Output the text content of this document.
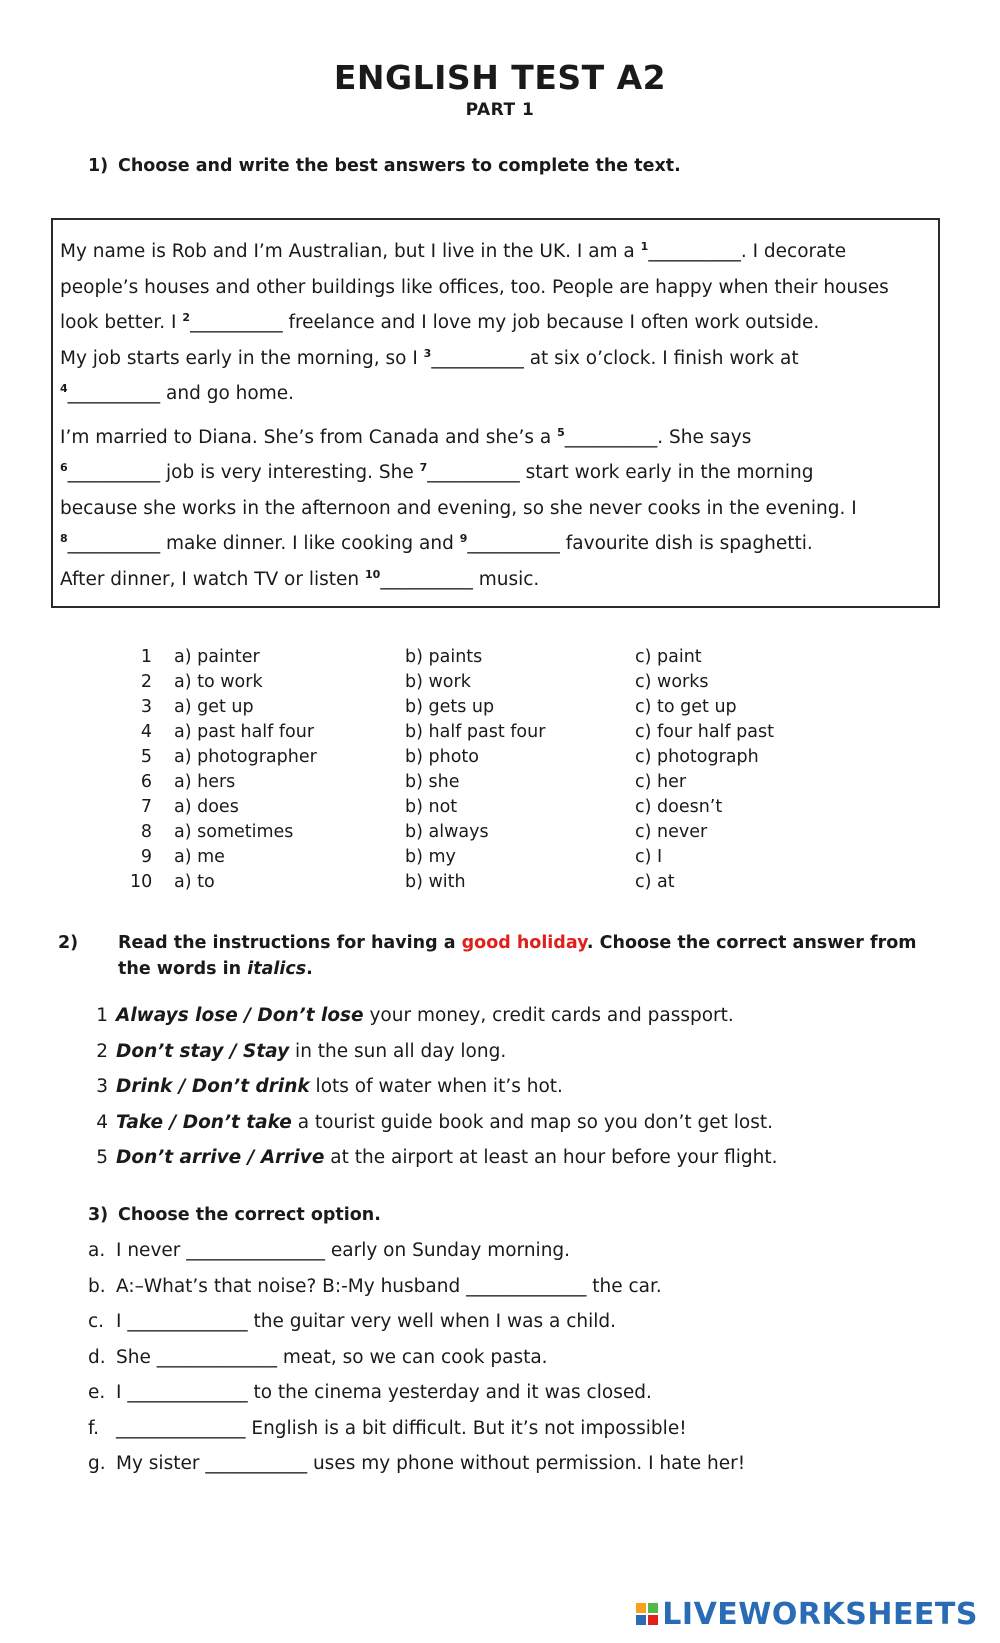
ENGLISH TEST A2
PART 1
1) Choose and write the best answers to complete the text.

My name is Rob and I’m Australian, but I live in the UK. I am a $^1$__________. I decorate

people’s houses and other buildings like offices, too. People are happy when their houses

look better. I $^2$__________ freelance and I love my job because I often work outside.

My job starts early in the morning, so I $^3$__________ at six o’clock. I finish work at

$^4$__________ and go home.

I’m married to Diana. She’s from Canada and she’s a $^5$__________. She says

$^6$__________ job is very interesting. She $^7$__________ start work early in the morning

because she works in the afternoon and evening, so she never cooks in the evening. I

$^8$__________ make dinner. I like cooking and $^9$__________ favourite dish is spaghetti.

After dinner, I watch TV or listen $^{10}$__________ music.

1 a) painter	b) paints	c) paint
2 a) to work	b) work	c) works
3 a) get up	b) gets up	c) to get up
4 a) past half four	b) half past four	c) four half past
5 a) photographer	b) photo	c) photograph
6 a) hers	b) she	c) her
7 a) does	b) not	c) doesn’t
8 a) sometimes	b) always	c) never
9 a) me	b) my	c) I
10 a) to	b) with	c) at
2) Read the instructions for having a good holiday. Choose the correct answer from the words in italics.
1 Always lose / Don’t lose your money, credit cards and passport.
2 Don’t stay / Stay in the sun all day long.
3 Drink / Don’t drink lots of water when it’s hot.
4 Take / Don’t take a tourist guide book and map so you don’t get lost.
5 Don’t arrive / Arrive at the airport at least an hour before your flight.
3) Choose the correct option.
a. I never _______________ early on Sunday morning.
b. A:–What’s that noise? B:-My husband _____________ the car.
c. I _____________ the guitar very well when I was a child.
d. She _____________ meat, so we can cook pasta.
e. I _____________ to the cinema yesterday and it was closed.
f. ______________ English is a bit difficult. But it’s not impossible!
g. My sister ___________ uses my phone without permission. I hate her!
LIVEWORKSHEETS
